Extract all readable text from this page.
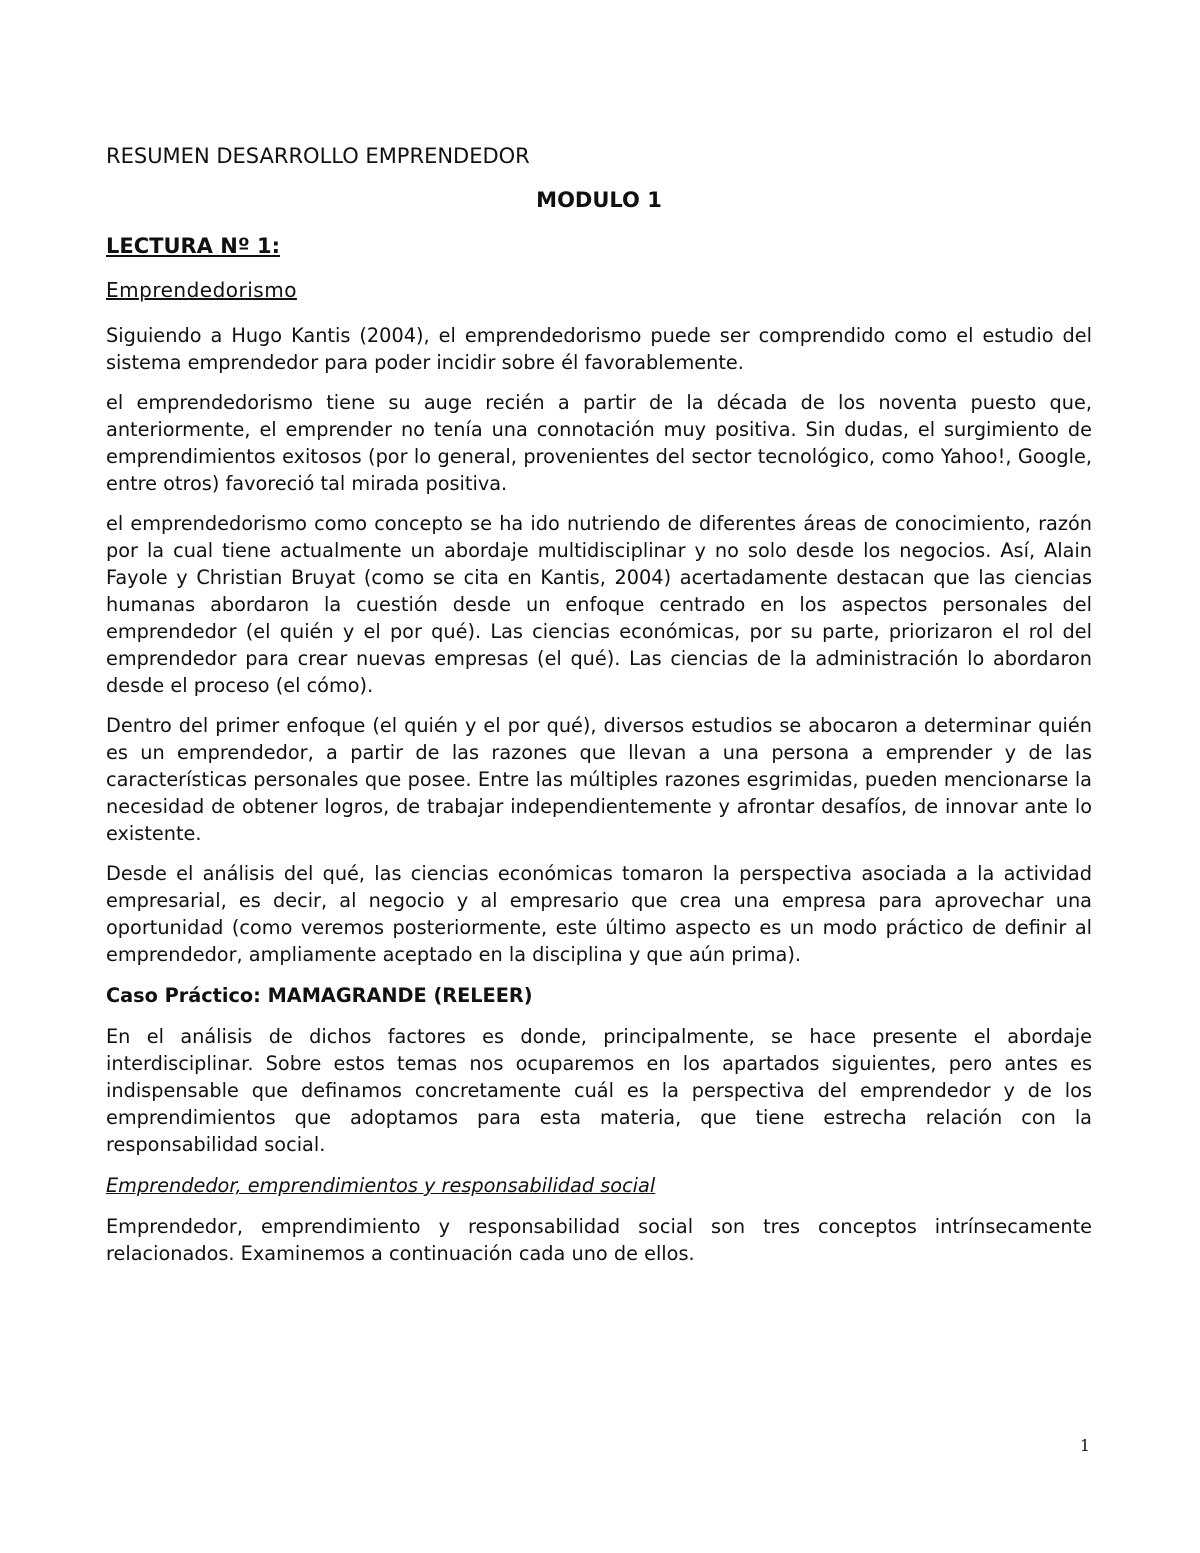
RESUMEN DESARROLLO EMPRENDEDOR
MODULO 1
LECTURA Nº 1:
Emprendedorismo

Siguiendo a Hugo Kantis (2004), el emprendedorismo puede ser comprendido como el estudio del sistema emprendedor para poder incidir sobre él favorablemente.

el emprendedorismo tiene su auge recién a partir de la década de los noventa puesto que, anteriormente, el emprender no tenía una connotación muy positiva. Sin dudas, el surgimiento de emprendimientos exitosos (por lo general, provenientes del sector tecnológico, como Yahoo!, Google, entre otros) favoreció tal mirada positiva.

el emprendedorismo como concepto se ha ido nutriendo de diferentes áreas de conocimiento, razón por la cual tiene actualmente un abordaje multidisciplinar y no solo desde los negocios. Así, Alain Fayole y Christian Bruyat (como se cita en Kantis, 2004) acertadamente destacan que las ciencias humanas abordaron la cuestión desde un enfoque centrado en los aspectos personales del emprendedor (el quién y el por qué). Las ciencias económicas, por su parte, priorizaron el rol del emprendedor para crear nuevas empresas (el qué). Las ciencias de la administración lo abordaron desde el proceso (el cómo).

Dentro del primer enfoque (el quién y el por qué), diversos estudios se abocaron a determinar quién es un emprendedor, a partir de las razones que llevan a una persona a emprender y de las características personales que posee. Entre las múltiples razones esgrimidas, pueden mencionarse la necesidad de obtener logros, de trabajar independientemente y afrontar desafíos, de innovar ante lo existente.

Desde el análisis del qué, las ciencias económicas tomaron la perspectiva asociada a la actividad empresarial, es decir, al negocio y al empresario que crea una empresa para aprovechar una oportunidad (como veremos posteriormente, este último aspecto es un modo práctico de definir al emprendedor, ampliamente aceptado en la disciplina y que aún prima).

Caso Práctico: MAMAGRANDE (RELEER)

En el análisis de dichos factores es donde, principalmente, se hace presente el abordaje interdisciplinar. Sobre estos temas nos ocuparemos en los apartados siguientes, pero antes es indispensable que definamos concretamente cuál es la perspectiva del emprendedor y de los emprendimientos que adoptamos para esta materia, que tiene estrecha relación con la responsabilidad social.

Emprendedor, emprendimientos y responsabilidad social

Emprendedor, emprendimiento y responsabilidad social son tres conceptos intrínsecamente relacionados. Examinemos a continuación cada uno de ellos.

1
